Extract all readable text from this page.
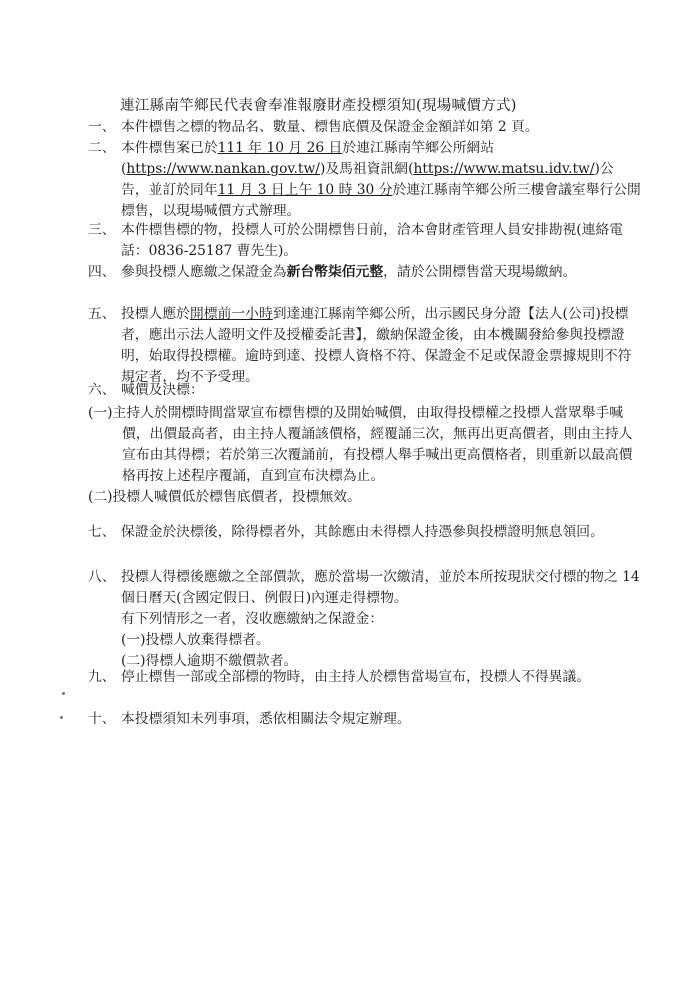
連江縣南竿鄉民代表會奉准報廢財產投標須知(現場喊價方式)
一、 本件標售之標的物品名、數量、標售底價及保證金金額詳如第 2 頁。
二、 本件標售案已於111 年 10 月 26 日於連江縣南竿鄉公所網站(https://www.nankan.gov.tw/)及馬祖資訊網(https://www.matsu.idv.tw/)公告，並訂於同年11 月 3 日上午 10 時 30 分於連江縣南竿鄉公所三樓會議室舉行公開標售，以現場喊價方式辦理。
三、 本件標售標的物，投標人可於公開標售日前，洽本會財產管理人員安排勘視(連絡電話：0836-25187 曹先生)。
四、 參與投標人應繳之保證金為新台幣柒佰元整，請於公開標售當天現場繳納。
五、 投標人應於開標前一小時到達連江縣南竿鄉公所，出示國民身分證【法人(公司)投標者，應出示法人證明文件及授權委託書】，繳納保證金後，由本機關發給參與投標證明，始取得投標權。逾時到達、投標人資格不符、保證金不足或保證金票據規則不符規定者，均不予受理。
六、 喊價及決標：
(一)主持人於開標時間當眾宣布標售標的及開始喊價，由取得投標權之投標人當眾舉手喊價，出價最高者，由主持人覆誦該價格，經覆誦三次，無再出更高價者，則由主持人宣布由其得標；若於第三次覆誦前，有投標人舉手喊出更高價格者，則重新以最高價格再按上述程序覆誦，直到宣布決標為止。
(二)投標人喊價低於標售底價者，投標無效。
七、 保證金於決標後，除得標者外，其餘應由未得標人持憑參與投標證明無息領回。
八、 投標人得標後應繳之全部價款，應於當場一次繳清，並於本所按現狀交付標的物之 14 個日曆天(含國定假日、例假日)內運走得標物。
有下列情形之一者，沒收應繳納之保證金：
(一)投標人放棄得標者。
(二)得標人逾期不繳價款者。
九、 停止標售一部或全部標的物時，由主持人於標售當場宣布，投標人不得異議。
十、 本投標須知未列事項，悉依相關法令規定辦理。
